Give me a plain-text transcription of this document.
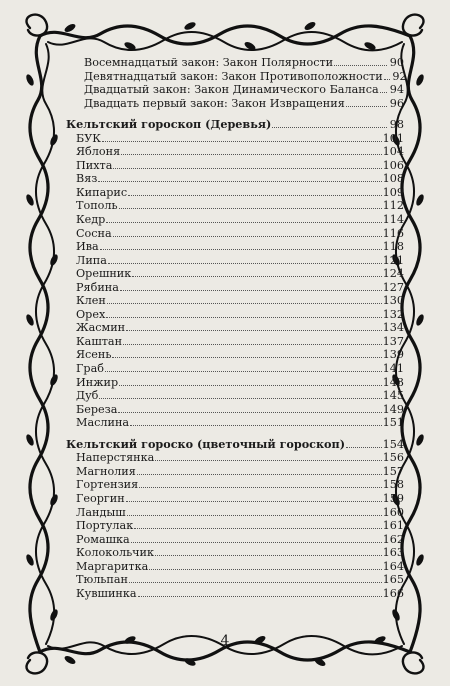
Восемнадцатый закон: Закон Полярности	90
Девятнадцатый закон: Закон Противоположности 92
Двадцатый закон: Закон Динамического Баланса 94
Двадцать первый закон: Закон Извращения	96
Кельтский гороскоп (Деревья)	98
БУК	101
Яблоня	104
Пихта	106
Вяз	108
Кипарис	109
Тополь	112
Кедр	114
Сосна	116
Ива	118
Липа	121
Орешник	124
Рябина	127
Клен	130
Орех	132
Жасмин	134
Каштан	137
Ясень	139
Граб	141
Инжир	143
Дуб	145
Береза	149
Маслина	151
Кельтский гороско (цветочный гороскоп)	154
Наперстянка	156
Магнолия	157
Гортензия	158
Георгин	159
Ландыш	160
Портулак	161
Ромашка	162
Колокольчик	163
Маргаритка	164
Тюльпан	165
Кувшинка	166
4
